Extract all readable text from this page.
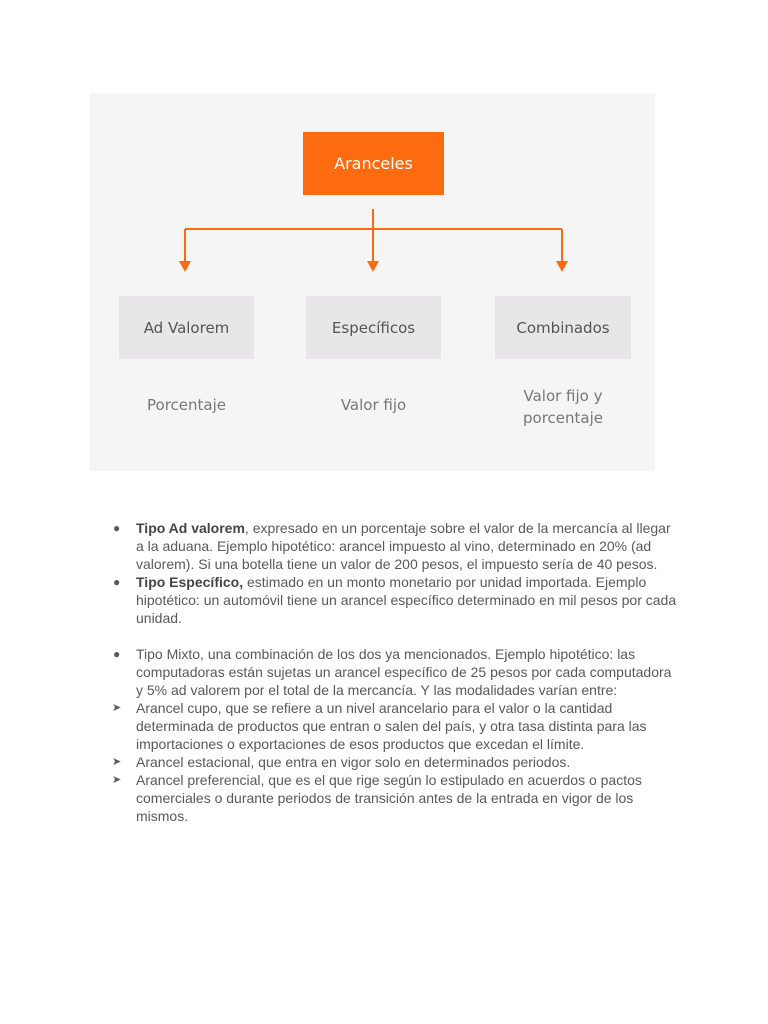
Aranceles
Ad Valorem	Específicos	Combinados
Porcentaje	Valor fijo	Valor fijo y
porcentaje
●	Tipo Ad valorem, expresado en un porcentaje sobre el valor de la mercancía al llegar a la aduana. Ejemplo hipotético: arancel impuesto al vino, determinado en 20% (ad valorem). Si una botella tiene un valor de 200 pesos, el impuesto sería de 40 pesos.
●	Tipo Específico, estimado en un monto monetario por unidad importada. Ejemplo hipotético: un automóvil tiene un arancel específico determinado en mil pesos por cada unidad.
●	Tipo Mixto, una combinación de los dos ya mencionados. Ejemplo hipotético: las computadoras están sujetas un arancel específico de 25 pesos por cada computadora y 5% ad valorem por el total de la mercancía. Y las modalidades varían entre:
➤	Arancel cupo, que se refiere a un nivel arancelario para el valor o la cantidad determinada de productos que entran o salen del país, y otra tasa distinta para las importaciones o exportaciones de esos productos que excedan el límite.
➤	Arancel estacional, que entra en vigor solo en determinados periodos.
➤	Arancel preferencial, que es el que rige según lo estipulado en acuerdos o pactos comerciales o durante periodos de transición antes de la entrada en vigor de los mismos.
